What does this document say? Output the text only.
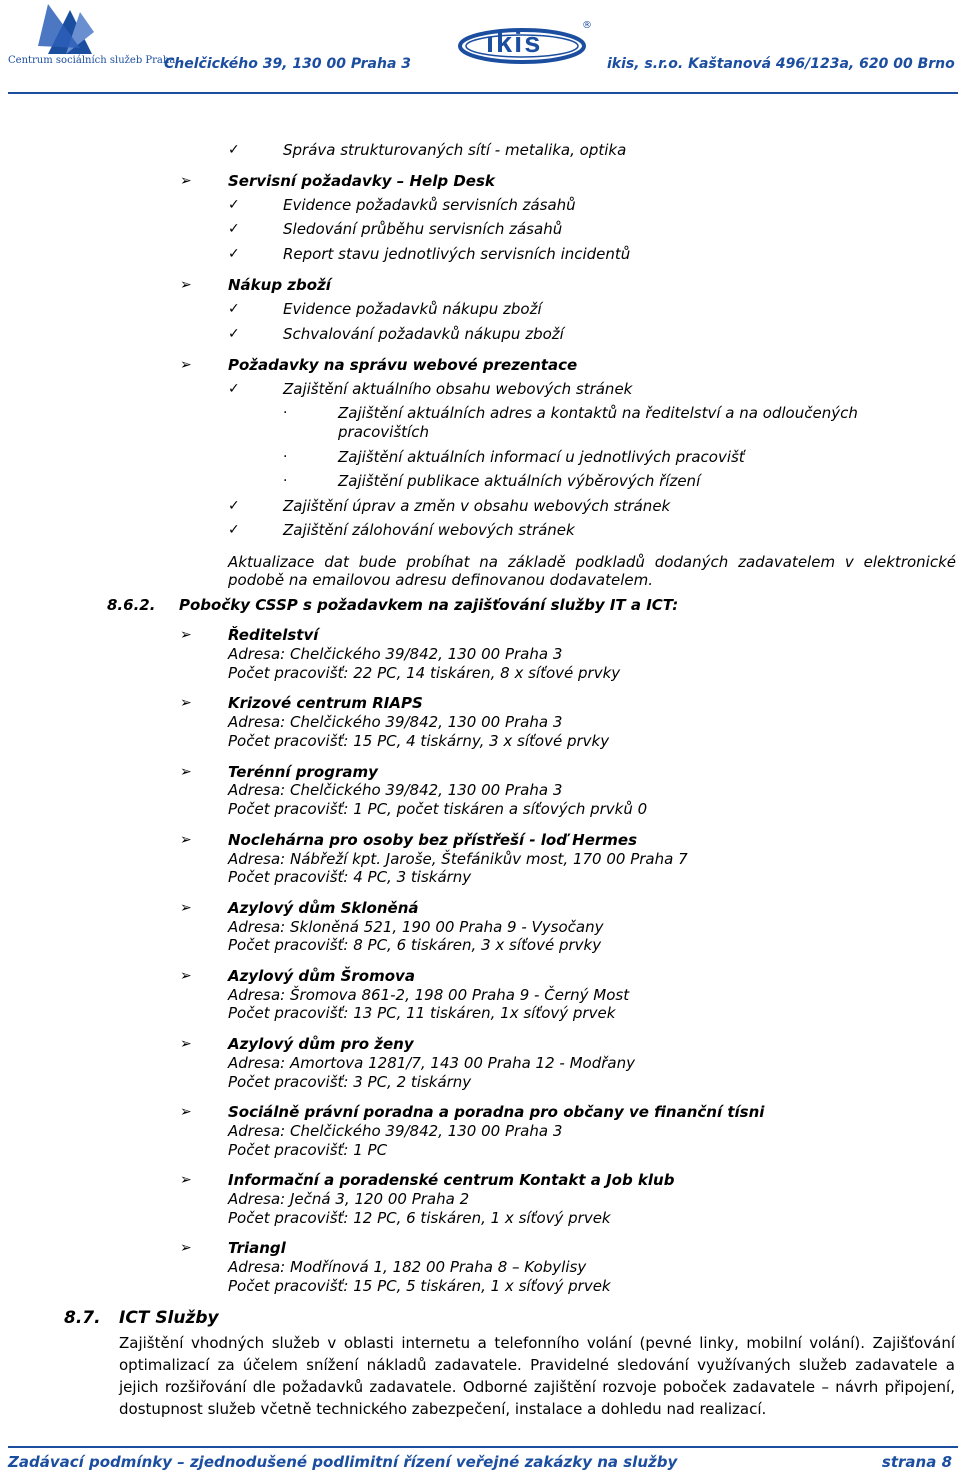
Centrum sociálních služeb Praha
Chelčického 39, 130 00 Praha 3
ikis
®
ikis, s.r.o. Kaštanová 496/123a, 620 00 Brno
✓	Správa strukturovaných sítí - metalika, optika
➢ Servisní požadavky – Help Desk
✓	Evidence požadavků servisních zásahů
✓	Sledování průběhu servisních zásahů
✓	Report stavu jednotlivých servisních incidentů
➢ Nákup zboží
✓	Evidence požadavků nákupu zboží
✓	Schvalování požadavků nákupu zboží
➢ Požadavky na správu webové prezentace
✓	Zajištění aktuálního obsahu webových stránek
·	Zajištění aktuálních adres a kontaktů na ředitelství a na odloučených
pracovištích
·	Zajištění aktuálních informací u jednotlivých pracovišť
·	Zajištění publikace aktuálních výběrových řízení
✓	Zajištění úprav a změn v obsahu webových stránek
✓	Zajištění zálohování webových stránek
Aktualizace dat bude probíhat na základě podkladů dodaných zadavatelem v elektronické podobě na emailovou adresu definovanou dodavatelem.
8.6.2. Pobočky CSSP s požadavkem na zajišťování služby IT a ICT:
➢ Ředitelství
Adresa: Chelčického 39/842, 130 00 Praha 3
Počet pracovišť: 22 PC, 14 tiskáren, 8 x síťové prvky
➢ Krizové centrum RIAPS
Adresa: Chelčického 39/842, 130 00 Praha 3
Počet pracovišť: 15 PC, 4 tiskárny, 3 x síťové prvky
➢ Terénní programy
Adresa: Chelčického 39/842, 130 00 Praha 3
Počet pracovišť: 1 PC, počet tiskáren a síťových prvků 0
➢ Noclehárna pro osoby bez přístřeší - loď Hermes
Adresa: Nábřeží kpt. Jaroše, Štefánikův most, 170 00 Praha 7
Počet pracovišť: 4 PC, 3 tiskárny
➢ Azylový dům Skloněná
Adresa: Skloněná 521, 190 00 Praha 9 - Vysočany
Počet pracovišť: 8 PC, 6 tiskáren, 3 x síťové prvky
➢ Azylový dům Šromova
Adresa: Šromova 861-2, 198 00 Praha 9 - Černý Most
Počet pracovišť: 13 PC, 11 tiskáren, 1x síťový prvek
➢ Azylový dům pro ženy
Adresa: Amortova 1281/7, 143 00 Praha 12 - Modřany
Počet pracovišť: 3 PC, 2 tiskárny
➢ Sociálně právní poradna a poradna pro občany ve finanční tísni
Adresa: Chelčického 39/842, 130 00 Praha 3
Počet pracovišť: 1 PC
➢ Informační a poradenské centrum Kontakt a Job klub
Adresa: Ječná 3, 120 00 Praha 2
Počet pracovišť: 12 PC, 6 tiskáren, 1 x síťový prvek
➢ Triangl
Adresa: Modřínová 1, 182 00 Praha 8 – Kobylisy
Počet pracovišť: 15 PC, 5 tiskáren, 1 x síťový prvek
8.7. ICT Služby
Zajištění vhodných služeb v oblasti internetu a telefonního volání (pevné linky, mobilní volání). Zajišťování optimalizací za účelem snížení nákladů zadavatele. Pravidelné sledování využívaných služeb zadavatele a jejich rozšiřování dle požadavků zadavatele. Odborné zajištění rozvoje poboček zadavatele – návrh připojení, dostupnost služeb včetně technického zabezpečení, instalace a dohledu nad realizací.
Zadávací podmínky – zjednodušené podlimitní řízení veřejné zakázky na služby	strana 8
